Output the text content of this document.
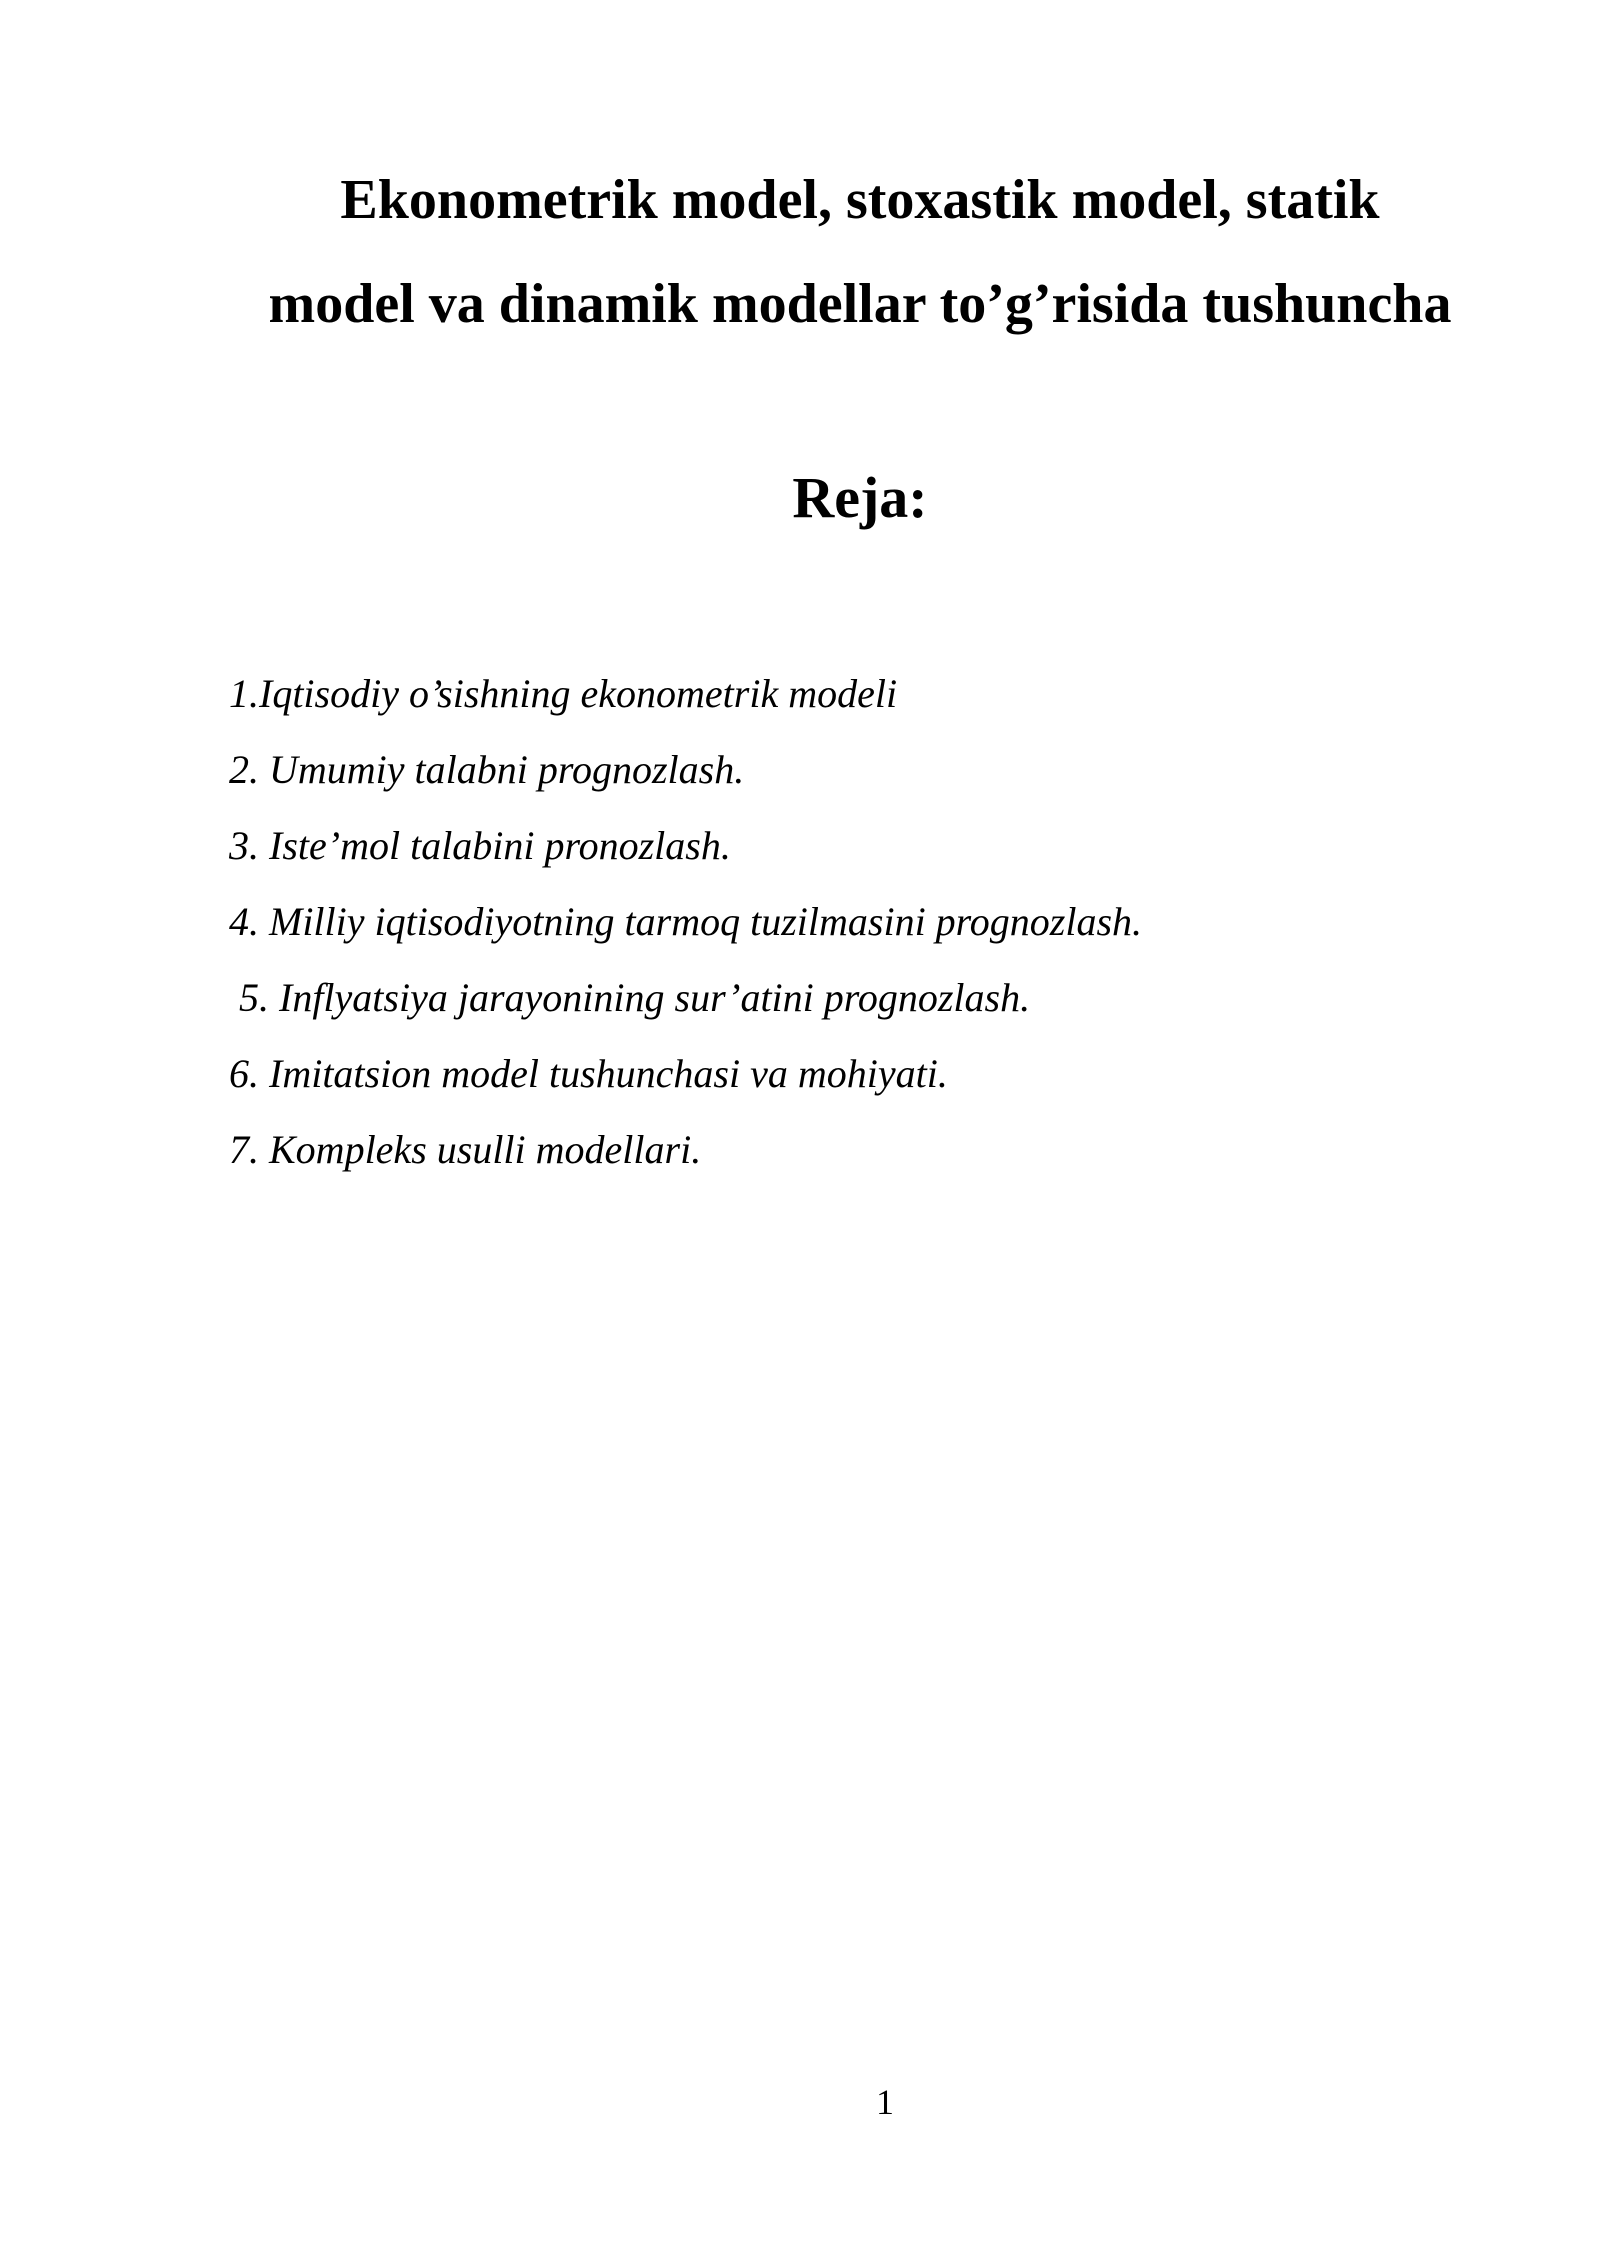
Ekonometrik model, stoxastik model, statik
model va dinamik modellar to’g’risida tushuncha
Reja:
1.Iqtisodiy o’sishning ekonometrik modeli
2. Umumiy talabni prognozlash.
3. Iste’mol talabini pronozlash.
4. Milliy iqtisodiyotning tarmoq tuzilmasini prognozlash.
5. Inflyatsiya jarayonining sur’atini prognozlash.
6. Imitatsion model tushunchasi va mohiyati.
7. Kompleks usulli modellari.
1
